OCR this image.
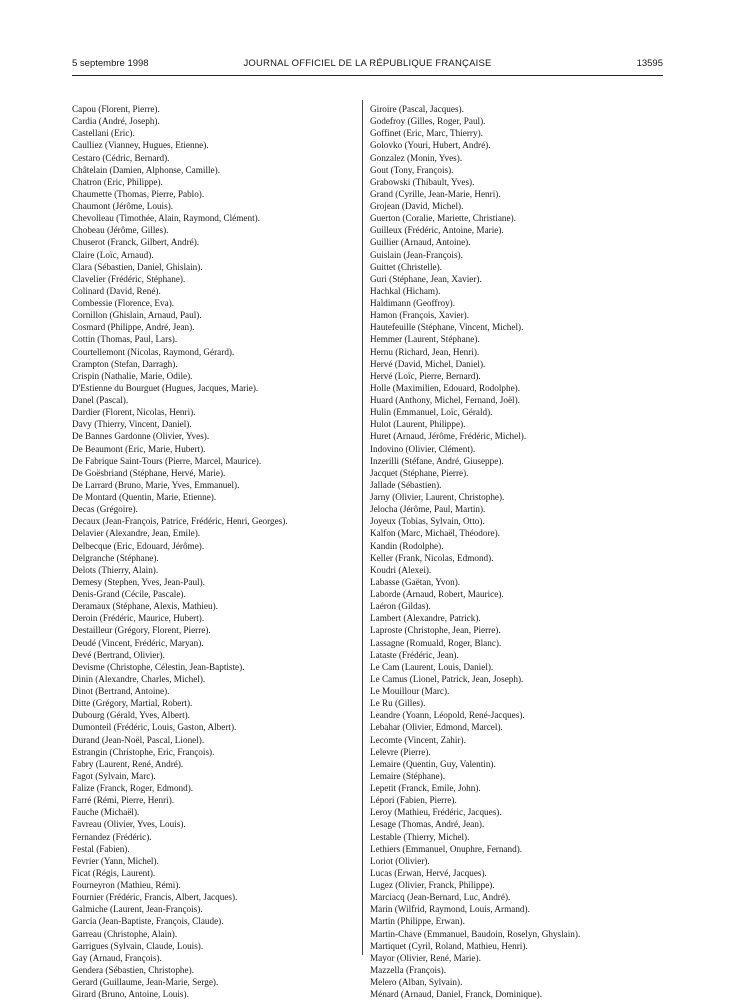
5 septembre 1998	JOURNAL OFFICIEL DE LA RÉPUBLIQUE FRANÇAISE	13595
Capou (Florent, Pierre).
Cardia (André, Joseph).
Castellani (Eric).
Caulliez (Vianney, Hugues, Etienne).
Cestaro (Cédric, Bernard).
Châtelain (Damien, Alphonse, Camille).
Chatron (Eric, Philippe).
Chaumette (Thomas, Pierre, Pablo).
Chaumont (Jérôme, Louis).
Chevolleau (Timothée, Alain, Raymond, Clément).
Chobeau (Jérôme, Gilles).
Chuserot (Franck, Gilbert, André).
Claire (Loïc, Arnaud).
Clara (Sébastien, Daniel, Ghislain).
Clavelier (Frédéric, Stéphane).
Colinard (David, René).
Combessie (Florence, Eva).
Cornillon (Ghislain, Arnaud, Paul).
Cosmard (Philippe, André, Jean).
Cottin (Thomas, Paul, Lars).
Courtellemont (Nicolas, Raymond, Gérard).
Crampton (Stefan, Darragh).
Crispin (Nathalie, Marie, Odile).
D'Estienne du Bourguet (Hugues, Jacques, Marie).
Danel (Pascal).
Dardier (Florent, Nicolas, Henri).
Davy (Thierry, Vincent, Daniel).
De Bannes Gardonne (Olivier, Yves).
De Beaumont (Eric, Marie, Hubert).
De Fabrique Saint-Tours (Pierre, Marcel, Maurice).
De Goësbriand (Stéphane, Hervé, Marie).
De Larrard (Bruno, Marie, Yves, Emmanuel).
De Montard (Quentin, Marie, Etienne).
Decas (Grégoire).
Decaux (Jean-François, Patrice, Frédéric, Henri, Georges).
Delavier (Alexandre, Jean, Emile).
Delbecque (Eric, Edouard, Jérôme).
Delgranche (Stéphane).
Delots (Thierry, Alain).
Demesy (Stephen, Yves, Jean-Paul).
Denis-Grand (Cécile, Pascale).
Deramaux (Stéphane, Alexis, Mathieu).
Deroin (Frédéric, Maurice, Hubert).
Destailleur (Grégory, Florent, Pierre).
Deudé (Vincent, Frédéric, Maryan).
Devé (Bertrand, Olivier).
Devisme (Christophe, Célestin, Jean-Baptiste).
Dinin (Alexandre, Charles, Michel).
Dinot (Bertrand, Antoine).
Ditte (Grégory, Martial, Robert).
Dubourg (Gérald, Yves, Albert).
Dumonteil (Frédéric, Louis, Gaston, Albert).
Durand (Jean-Noël, Pascal, Lionel).
Estrangin (Christophe, Eric, François).
Fabry (Laurent, René, André).
Fagot (Sylvain, Marc).
Falize (Franck, Roger, Edmond).
Farré (Rémi, Pierre, Henri).
Fauche (Michaël).
Favreau (Olivier, Yves, Louis).
Fernandez (Frédéric).
Festal (Fabien).
Fevrier (Yann, Michel).
Ficat (Régis, Laurent).
Fourneyron (Mathieu, Rémi).
Fournier (Frédéric, Francis, Albert, Jacques).
Galmiche (Laurent, Jean-François).
Garcia (Jean-Baptiste, François, Claude).
Garreau (Christophe, Alain).
Garrigues (Sylvain, Claude, Louis).
Gay (Arnaud, François).
Gendera (Sébastien, Christophe).
Gerard (Guillaume, Jean-Marie, Serge).
Girard (Bruno, Antoine, Louis).
Giroire (Pascal, Jacques).
Godefroy (Gilles, Roger, Paul).
Goffinet (Eric, Marc, Thierry).
Golovko (Youri, Hubert, André).
Gonzalez (Monin, Yves).
Gout (Tony, François).
Grabowski (Thibault, Yves).
Grand (Cyrille, Jean-Marie, Henri).
Grojean (David, Michel).
Guerton (Coralie, Mariette, Christiane).
Guilleux (Frédéric, Antoine, Marie).
Guillier (Arnaud, Antoine).
Guislain (Jean-François).
Guittet (Christelle).
Guri (Stéphane, Jean, Xavier).
Hachkal (Hicham).
Haldimann (Geoffroy).
Hamon (François, Xavier).
Hautefeuille (Stéphane, Vincent, Michel).
Hemmer (Laurent, Stéphane).
Hernu (Richard, Jean, Henri).
Hervé (David, Michel, Daniel).
Hervé (Loïc, Pierre, Bernard).
Holle (Maximilien, Edouard, Rodolphe).
Huard (Anthony, Michel, Fernand, Joël).
Hulin (Emmanuel, Loïc, Gérald).
Hulot (Laurent, Philippe).
Huret (Arnaud, Jérôme, Frédéric, Michel).
Indovino (Olivier, Clément).
Inzerilli (Stéfane, André, Giuseppe).
Jacquet (Stéphane, Pierre).
Jallade (Sébastien).
Jarny (Olivier, Laurent, Christophe).
Jelocha (Jérôme, Paul, Martin).
Joyeux (Tobias, Sylvain, Otto).
Kalfon (Marc, Michaël, Théodore).
Kandin (Rodolphe).
Keller (Frank, Nicolas, Edmond).
Koudri (Alexei).
Labasse (Gaëtan, Yvon).
Laborde (Arnaud, Robert, Maurice).
Laéron (Gildas).
Lambert (Alexandre, Patrick).
Laproste (Christophe, Jean, Pierre).
Lassagne (Romuald, Roger, Blanc).
Lataste (Frédéric, Jean).
Le Cam (Laurent, Louis, Daniel).
Le Camus (Lionel, Patrick, Jean, Joseph).
Le Mouillour (Marc).
Le Ru (Gilles).
Leandre (Yoann, Léopold, René-Jacques).
Lebahar (Olivier, Edmond, Marcel).
Lecomte (Vincent, Zahir).
Lelevre (Pierre).
Lemaire (Quentin, Guy, Valentin).
Lemaire (Stéphane).
Lepetit (Franck, Emile, John).
Lépori (Fabien, Pierre).
Leroy (Mathieu, Frédéric, Jacques).
Lesage (Thomas, André, Jean).
Lestable (Thierry, Michel).
Lethiers (Emmanuel, Onuphre, Fernand).
Loriot (Olivier).
Lucas (Erwan, Hervé, Jacques).
Lugez (Olivier, Franck, Philippe).
Marciacq (Jean-Bernard, Luc, André).
Marin (Wilfrid, Raymond, Louis, Armand).
Martin (Philippe, Erwan).
Martin-Chave (Emmanuel, Baudoin, Roselyn, Ghyslain).
Martiquet (Cyril, Roland, Mathieu, Henri).
Mayor (Olivier, René, Marie).
Mazzella (François).
Melero (Alban, Sylvain).
Ménard (Arnaud, Daniel, Franck, Dominique).
